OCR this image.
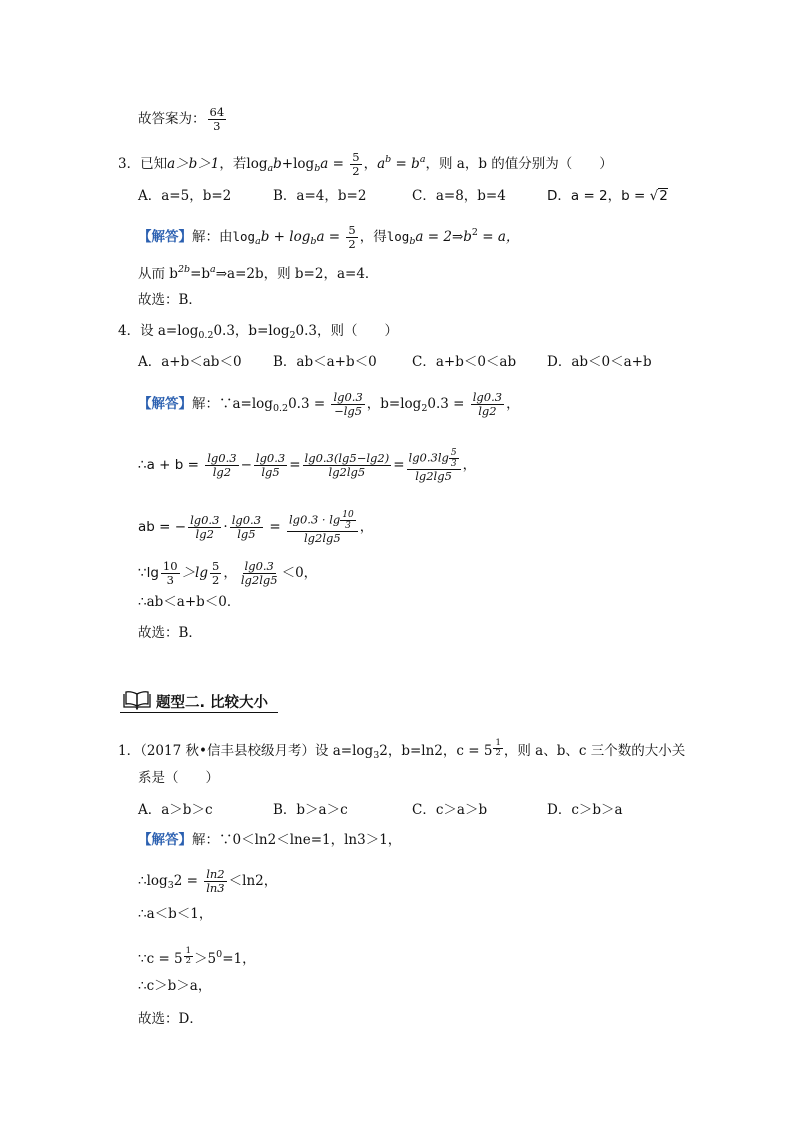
故答案为： $\frac{64}{3}$
3．已知a＞b＞1，若$\log_ab+\log_ba = \frac{5}{2}$ ，$a^b = b^a$，则 a，b 的值分别为（　　）
A．a=5，b=2	B．a=4，b=2	C．a=8，b=4	D．a = 2，b = √2
【解答】解：由$\log_ab + \log_ba = \frac{5}{2}$ ，得$\log_ba$ = $2\Rightarrow b^2 = a$，
从而 $b^{2b}=b^a\Rightarrow a=2b$，则 b=2，a=4．
故选：B．
4．设 $a=\log_{0.2}0.3$，$b=\log_20.3$，则（　　）
A．a+b＜ab＜0 B．ab＜a+b＜0	C．a+b＜0＜ab D．ab＜0＜a+b
【解答】解：$\because a=\log_{0.2}0.3 = \frac{\lg 0.3}{-\lg 5}$ ，$b=\log_20.3 = \frac{\lg 0.3}{\lg 2}$ ，
∴a + $b = \frac{\lg 0.3}{\lg 2} - \frac{\lg 0.3}{\lg 5} = \frac{\lg 0.3(\lg 5-\lg 2)}{\lg 2\lg 5} = \frac{\lg 0.3\lg \frac{5}{3}}{\lg 2\lg 5}$ ，
ab = − $\frac{\lg 0.3}{\lg 2} \cdot \frac{\lg 0.3}{\lg 5} = \frac{\lg 0.3 \cdot \lg \frac{10}{3}}{\lg 2\lg 5}$ ，
∵lg $\frac{10}{3} >\lg \frac{5}{2}$ ， $\frac{\lg 0.3}{\lg 2\lg 5} <0$，
∴ab＜a+b＜0．
故选：B．
题型二. 比较大小
1．（2017 秋•信丰县校级月考）设 $a=\log_32$，b=ln2，$c = 5 \frac{1}{2}$ ，则 a、b、c 三个数的大小关
系是（　　）
A．a＞b＞c	B．b＞a＞c	C．c＞a＞b	D．c＞b＞a
【解答】解：∵0＜ln2＜lne=1，ln3＞1，
$\therefore\log_32 = \frac{\ln 2}{\ln 3} <\ln 2$，
∴a＜b＜1，
∵c = $5 \frac{1}{2} >5^0=1$，
∴c＞b＞a，
故选：D．
